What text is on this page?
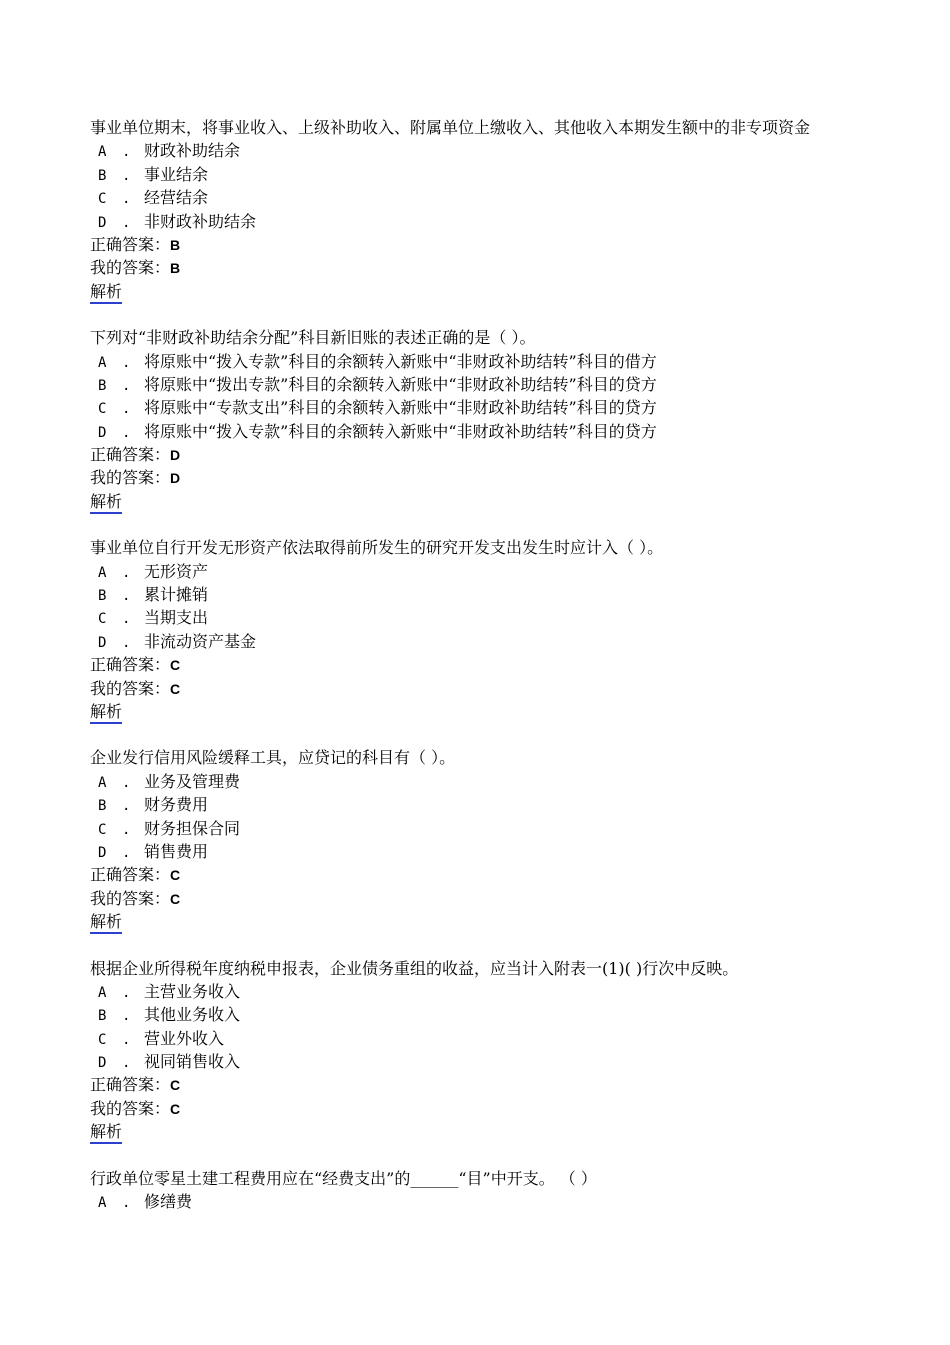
事业单位期末，将事业收入、上级补助收入、附属单位上缴收入、其他收入本期发生额中的非专项资金
A . 财政补助结余
B . 事业结余
C . 经营结余
D . 非财政补助结余
正确答案：B
我的答案：B
解析
下列对“非财政补助结余分配”科目新旧账的表述正确的是（ ）。
A . 将原账中“拨入专款”科目的余额转入新账中“非财政补助结转”科目的借方
B . 将原账中“拨出专款”科目的余额转入新账中“非财政补助结转”科目的贷方
C . 将原账中“专款支出”科目的余额转入新账中“非财政补助结转”科目的贷方
D . 将原账中“拨入专款”科目的余额转入新账中“非财政补助结转”科目的贷方
正确答案：D
我的答案：D
解析
事业单位自行开发无形资产依法取得前所发生的研究开发支出发生时应计入（ ）。
A . 无形资产
B . 累计摊销
C . 当期支出
D . 非流动资产基金
正确答案：C
我的答案：C
解析
企业发行信用风险缓释工具，应贷记的科目有（ ）。
A . 业务及管理费
B . 财务费用
C . 财务担保合同
D . 销售费用
正确答案：C
我的答案：C
解析
根据企业所得税年度纳税申报表，企业债务重组的收益，应当计入附表一(1)( )行次中反映。
A . 主营业务收入
B . 其他业务收入
C . 营业外收入
D . 视同销售收入
正确答案：C
我的答案：C
解析
行政单位零星土建工程费用应在“经费支出”的______“目”中开支。 （ ）
A . 修缮费
